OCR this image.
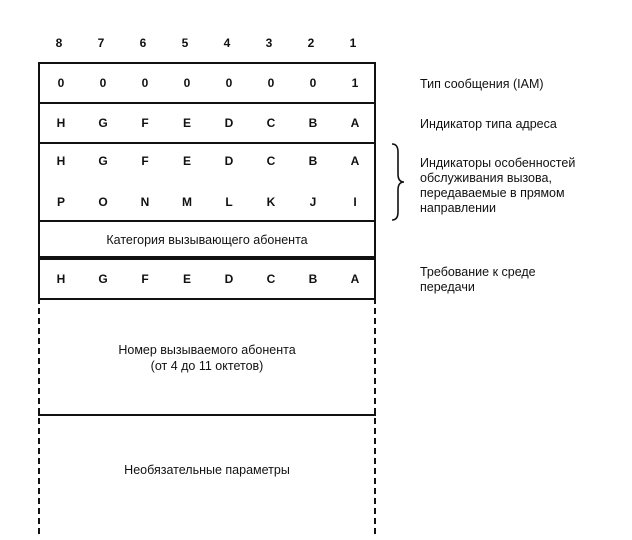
8	7	6	5	4	3	2	1
0	0	0	0	0	0	0	1
H	G	F	E	D	C	B	A
H	G	F	E	D	C	B	A
P	O	N	M	L	K	J	I
Категория вызывающего абонента
H	G	F	E	D	C	B	A
Номер вызываемого абонента
(от 4 до 11 октетов)
Необязательные параметры
Тип сообщения (IAM)
Индикатор типа адреса
Индикаторы особенностей
обслуживания вызова,
передаваемые в прямом
направлении
Требование к среде
передачи
